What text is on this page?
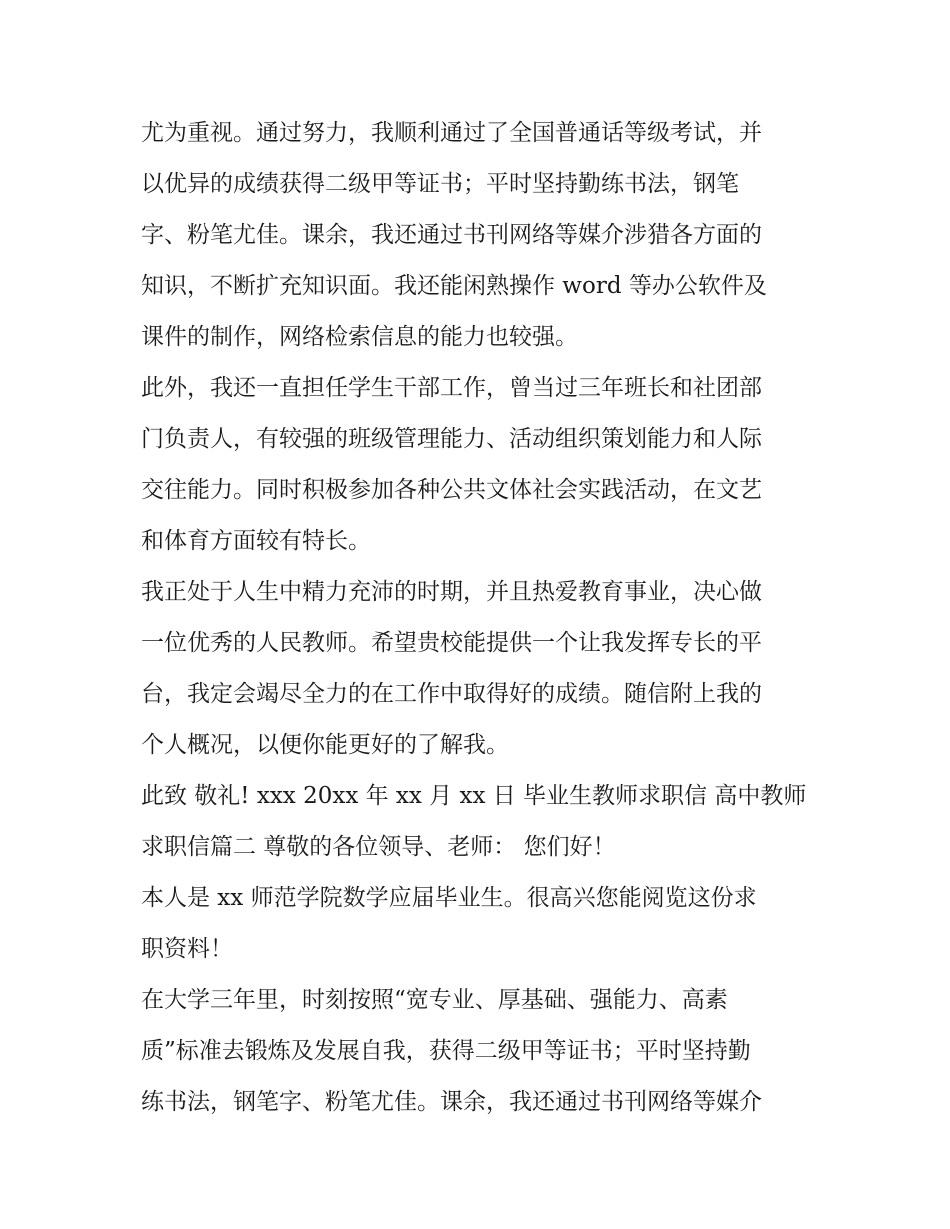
尤为重视。通过努力，我顺利通过了全国普通话等级考试，并
以优异的成绩获得二级甲等证书；平时坚持勤练书法，钢笔
字、粉笔尤佳。课余，我还通过书刊网络等媒介涉猎各方面的
知识，不断扩充知识面。我还能闲熟操作 word 等办公软件及
课件的制作，网络检索信息的能力也较强。
此外，我还一直担任学生干部工作，曾当过三年班长和社团部
门负责人，有较强的班级管理能力、活动组织策划能力和人际
交往能力。同时积极参加各种公共文体社会实践活动，在文艺
和体育方面较有特长。
我正处于人生中精力充沛的时期，并且热爱教育事业，决心做
一位优秀的人民教师。希望贵校能提供一个让我发挥专长的平
台，我定会竭尽全力的在工作中取得好的成绩。随信附上我的
个人概况，以便你能更好的了解我。
此致 敬礼! xxx 20xx 年 xx 月 xx 日 毕业生教师求职信 高中教师
求职信篇二 尊敬的各位领导、老师： 您们好！
本人是 xx 师范学院数学应届毕业生。很高兴您能阅览这份求
职资料！
在大学三年里，时刻按照“宽专业、厚基础、强能力、高素
质”标准去锻炼及发展自我，获得二级甲等证书；平时坚持勤
练书法，钢笔字、粉笔尤佳。课余，我还通过书刊网络等媒介
